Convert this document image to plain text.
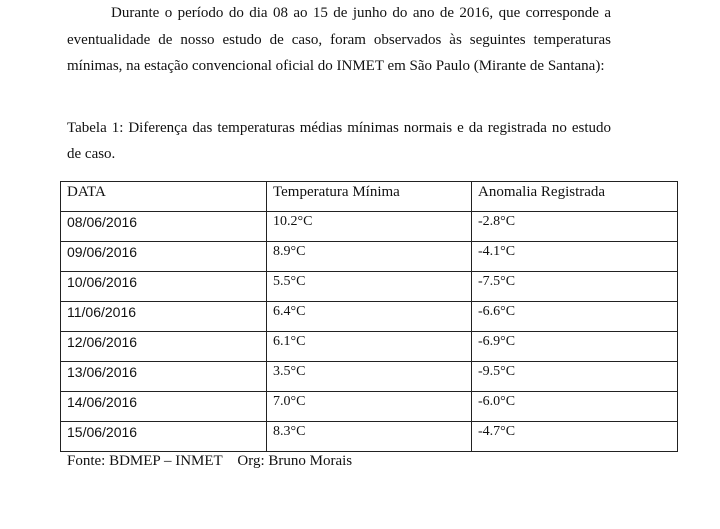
Durante o período do dia 08 ao 15 de junho do ano de 2016, que corresponde a eventualidade de nosso estudo de caso, foram observados às seguintes temperaturas mínimas, na estação convencional oficial do INMET em São Paulo (Mirante de Santana):

Tabela 1: Diferença das temperaturas médias mínimas normais e da registrada no estudo de caso.

DATA	Temperatura Mínima	Anomalia Registrada
08/06/2016	10.2°C	-2.8°C
09/06/2016	8.9°C	-4.1°C
10/06/2016	5.5°C	-7.5°C
11/06/2016	6.4°C	-6.6°C
12/06/2016	6.1°C	-6.9°C
13/06/2016	3.5°C	-9.5°C
14/06/2016	7.0°C	-6.0°C
15/06/2016	8.3°C	-4.7°C
Fonte: BDMEP – INMET    Org: Bruno Morais
